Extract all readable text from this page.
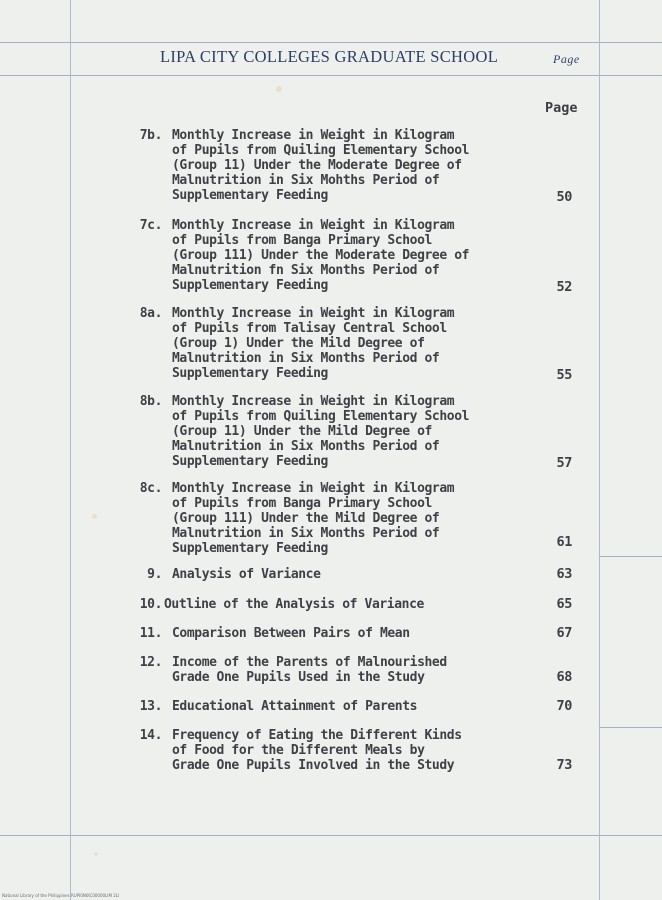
LIPA CITY COLLEGES GRADUATE SCHOOL	Page
Page
7b. Monthly Increase in Weight in Kilogram
of Pupils from Quiling Elementary School
(Group 11) Under the Moderate Degree of
Malnutrition in Six Mohths Period of
Supplementary Feeding	50
7c. Monthly Increase in Weight in Kilogram
of Pupils from Banga Primary School
(Group 111) Under the Moderate Degree of
Malnutrition fn Six Months Period of
Supplementary Feeding	52
8a. Monthly Increase in Weight in Kilogram
of Pupils from Talisay Central School
(Group 1) Under the Mild Degree of
Malnutrition in Six Months Period of
Supplementary Feeding	55
8b. Monthly Increase in Weight in Kilogram
of Pupils from Quiling Elementary School
(Group 11) Under the Mild Degree of
Malnutrition in Six Months Period of
Supplementary Feeding	57
8c. Monthly Increase in Weight in Kilogram
of Pupils from Banga Primary School
(Group 111) Under the Mild Degree of
Malnutrition in Six Months Period of
Supplementary Feeding	61
9. Analysis of Variance	63
10. Outline of the Analysis of Variance	65
11. Comparison Between Pairs of Mean	67
12. Income of the Parents of Malnourished
Grade One Pupils Used in the Study	68
13. Educational Attainment of Parents	70
14. Frequency of Eating the Different Kinds
of Food for the Different Meals by
Grade One Pupils Involved in the Study	73
National Library of the Philippines RUPI0N0IC00000LIM 2LI
